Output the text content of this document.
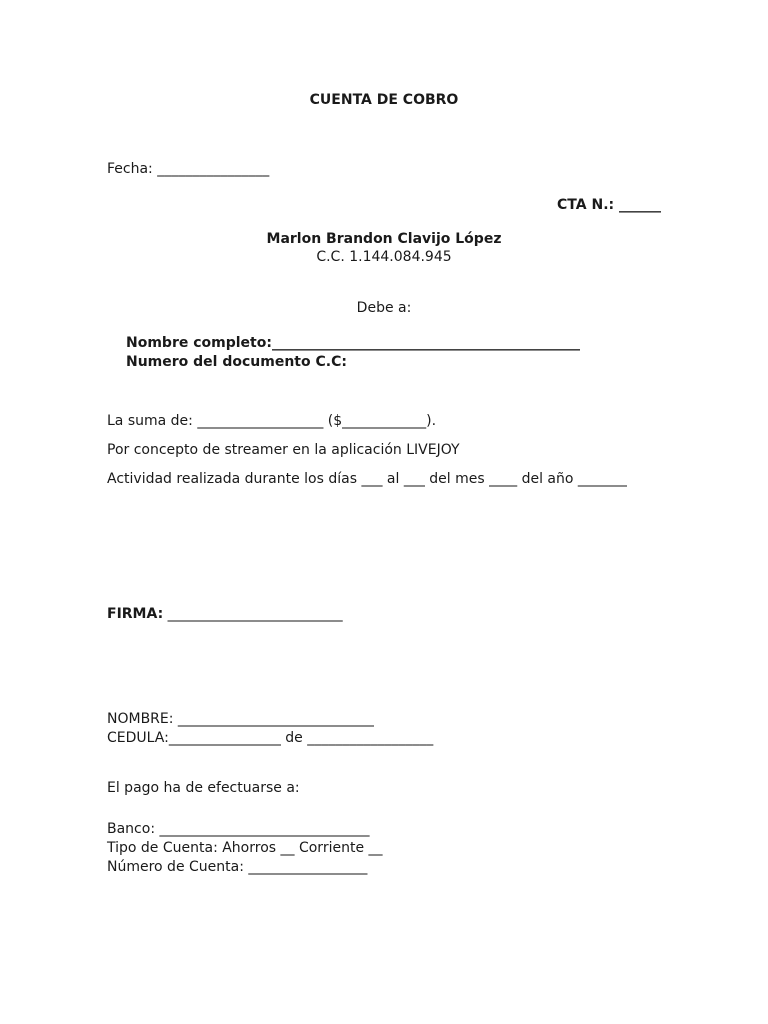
CUENTA DE COBRO
Fecha: ________________
CTA N.: ______
Marlon Brandon Clavijo López
C.C. 1.144.084.945
Debe a:
Nombre completo:____________________________________________
Numero del documento C.C:
La suma de: __________________ ($____________).
Por concepto de streamer en la aplicación LIVEJOY
Actividad realizada durante los días ___ al ___ del mes ____ del año _______
FIRMA: _________________________
NOMBRE: ____________________________
CEDULA:________________ de __________________
El pago ha de efectuarse a:
Banco: ______________________________
Tipo de Cuenta: Ahorros __ Corriente __
Número de Cuenta: _________________
